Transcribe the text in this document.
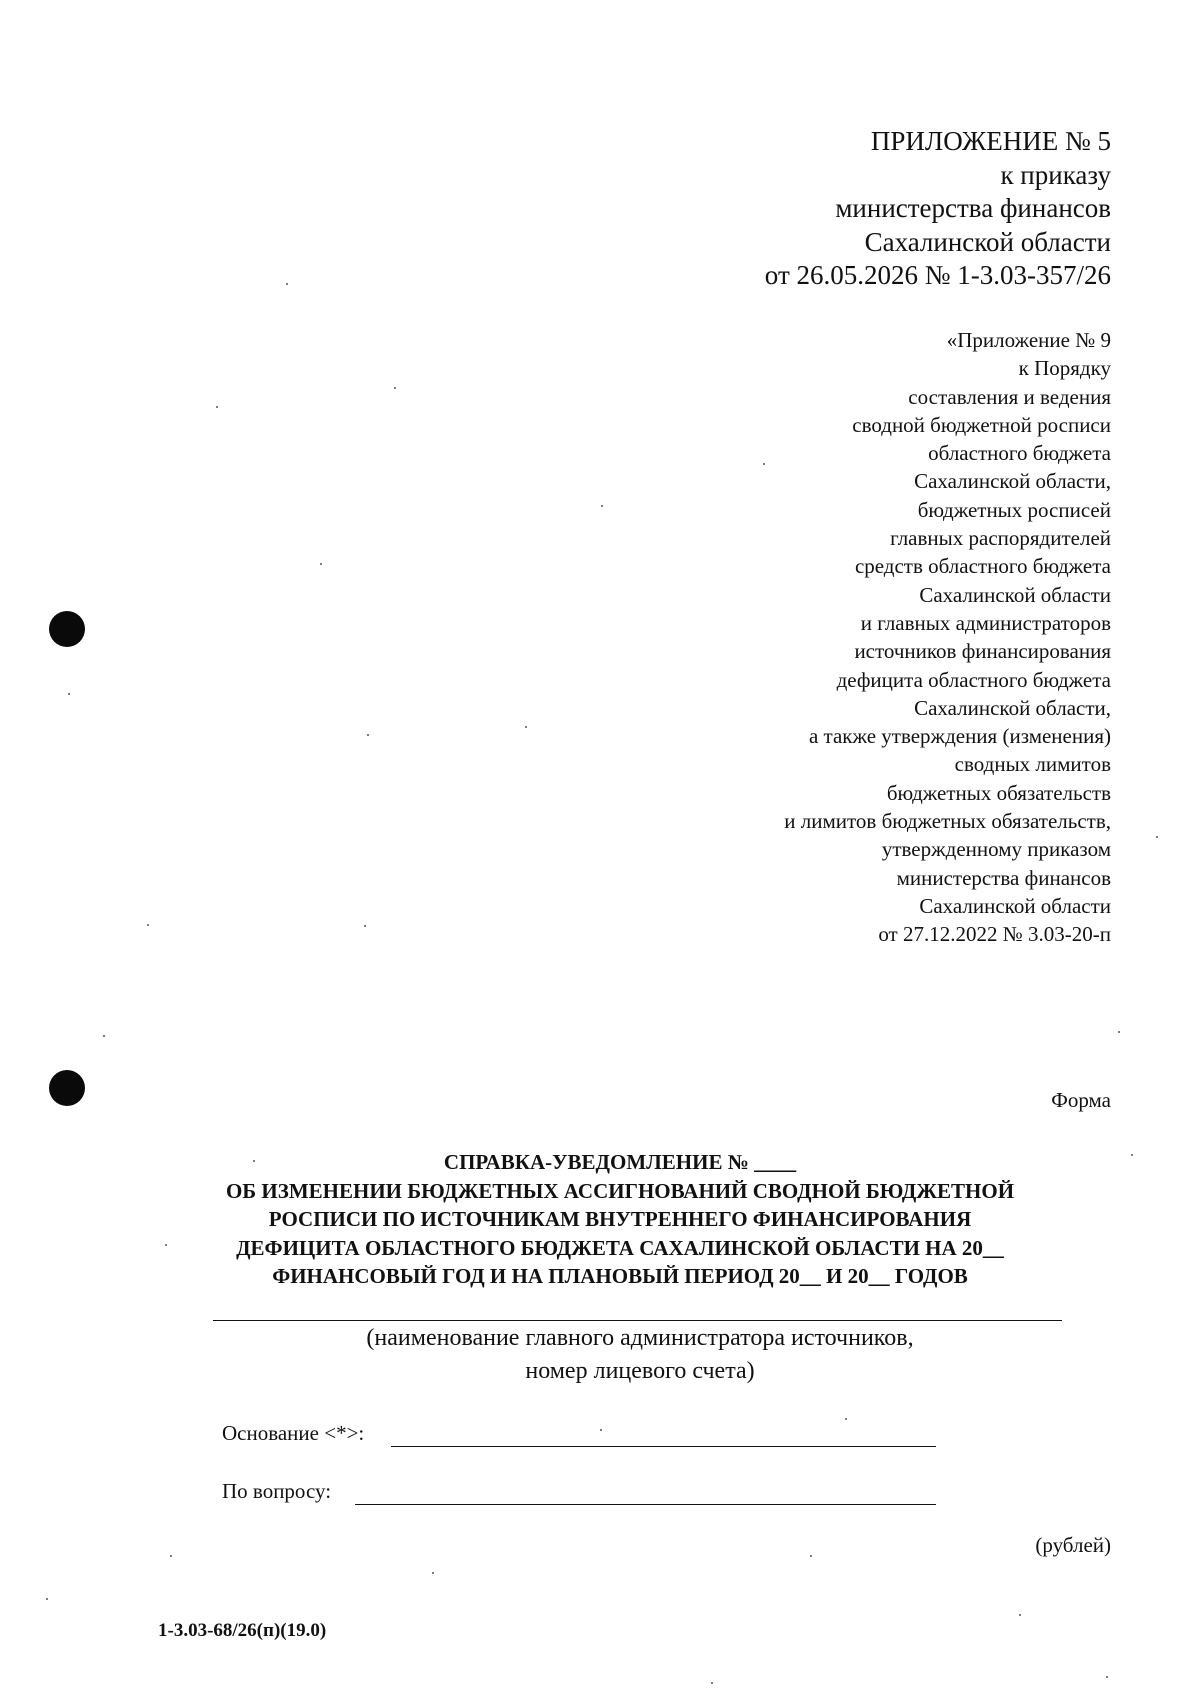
ПРИЛОЖЕНИЕ № 5
к приказу
министерства финансов
Сахалинской области
от 26.05.2026 № 1-3.03-357/26
«Приложение № 9
к Порядку
составления и ведения
сводной бюджетной росписи
областного бюджета
Сахалинской области,
бюджетных росписей
главных распорядителей
средств областного бюджета
Сахалинской области
и главных администраторов
источников финансирования
дефицита областного бюджета
Сахалинской области,
а также утверждения (изменения)
сводных лимитов
бюджетных обязательств
и лимитов бюджетных обязательств,
утвержденному приказом
министерства финансов
Сахалинской области
от 27.12.2022 № 3.03-20-п
Форма
СПРАВКА-УВЕДОМЛЕНИЕ № ____
ОБ ИЗМЕНЕНИИ БЮДЖЕТНЫХ АССИГНОВАНИЙ СВОДНОЙ БЮДЖЕТНОЙ
РОСПИСИ ПО ИСТОЧНИКАМ ВНУТРЕННЕГО ФИНАНСИРОВАНИЯ
ДЕФИЦИТА ОБЛАСТНОГО БЮДЖЕТА САХАЛИНСКОЙ ОБЛАСТИ НА 20__
ФИНАНСОВЫЙ ГОД И НА ПЛАНОВЫЙ ПЕРИОД 20__ И 20__ ГОДОВ
(наименование главного администратора источников,
номер лицевого счета)
Основание <*>:
По вопросу:
(рублей)
1-3.03-68/26(п)(19.0)
